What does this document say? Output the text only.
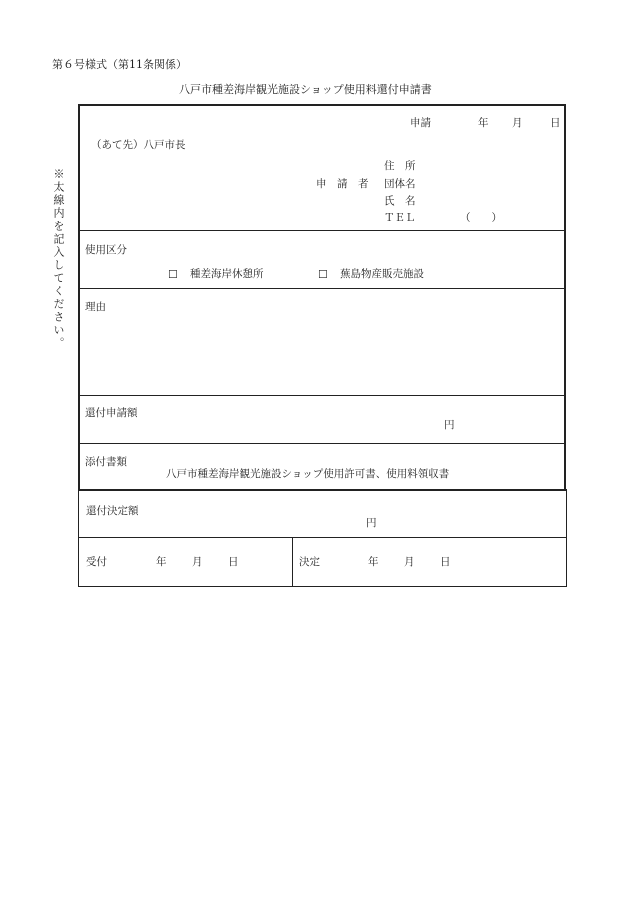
第６号様式（第11条関係）
八戸市種差海岸観光施設ショップ使用料還付申請書
※太線内を記入してください。
申請	年 月	日
（あて先）八戸市長
住　所
申　請　者 団体名
氏　名
ＴＥＬ	（　　）
使用区分
☐ 種差海岸休憩所	☐ 蕪島物産販売施設
理由
還付申請額
円
添付書類
八戸市種差海岸観光施設ショップ使用許可書、使用料領収書
還付決定額
円
受付	年 月 日	決定	年 月 日
